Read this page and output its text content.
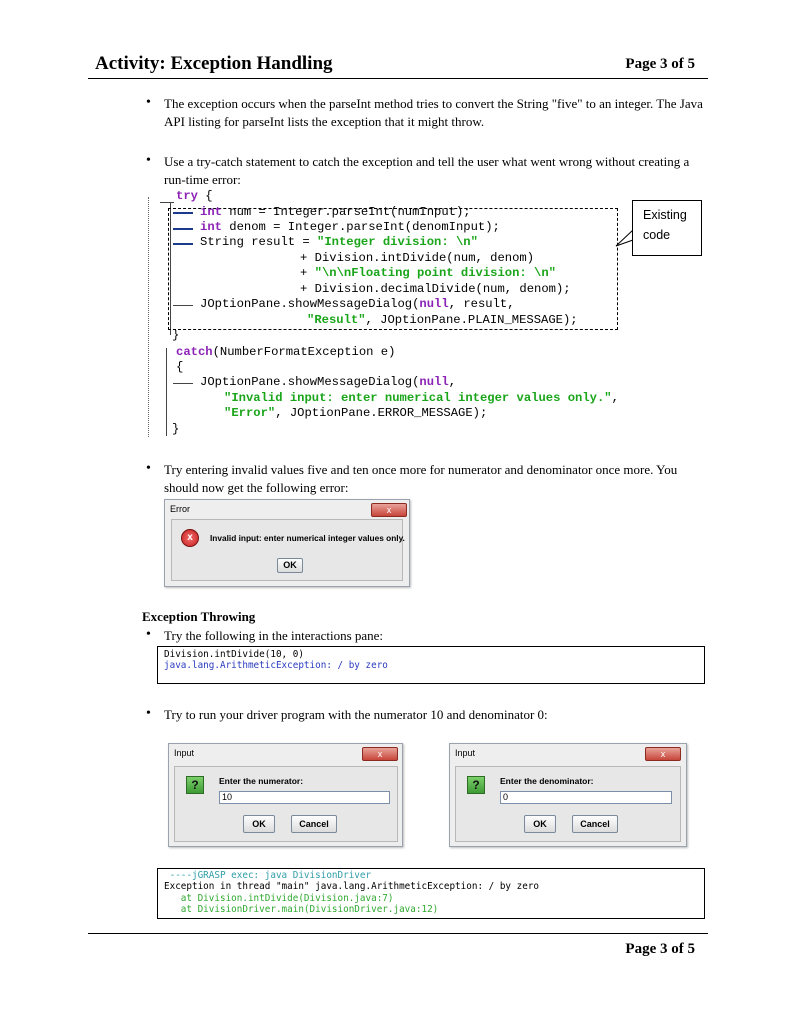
Activity: Exception Handling	Page 3 of 5
• The exception occurs when the parseInt method tries to convert the String "five" to an integer. The Java API listing for parseInt lists the exception that it might throw.
• Use a try-catch statement to catch the exception and tell the user what went wrong without creating a run-time error:
try {
int num = Integer.parseInt(numInput);
int denom = Integer.parseInt(denomInput);
String result = "Integer division: \n"
+ Division.intDivide(num, denom)
+ "\n\nFloating point division: \n"
+ Division.decimalDivide(num, denom);
JOptionPane.showMessageDialog(null, result,
"Result", JOptionPane.PLAIN_MESSAGE);
}
catch(NumberFormatException e)
{
JOptionPane.showMessageDialog(null,
"Invalid input: enter numerical integer values only.",
"Error", JOptionPane.ERROR_MESSAGE);
}
Existing
code
• Try entering invalid values five and ten once more for numerator and denominator once more. You should now get the following error:
Error	x
x	Invalid input: enter numerical integer values only.
OK
Exception Throwing
• Try the following in the interactions pane:
Division.intDivide(10, 0)
java.lang.ArithmeticException: / by zero
• Try to run your driver program with the numerator 10 and denominator 0:
Input	x
?	Enter the numerator:
10
OK	Cancel
Input	x
?	Enter the denominator:
0
OK	Cancel
----jGRASP exec: java DivisionDriver
Exception in thread "main" java.lang.ArithmeticException: / by zero
at Division.intDivide(Division.java:7)
at DivisionDriver.main(DivisionDriver.java:12)
Page 3 of 5
